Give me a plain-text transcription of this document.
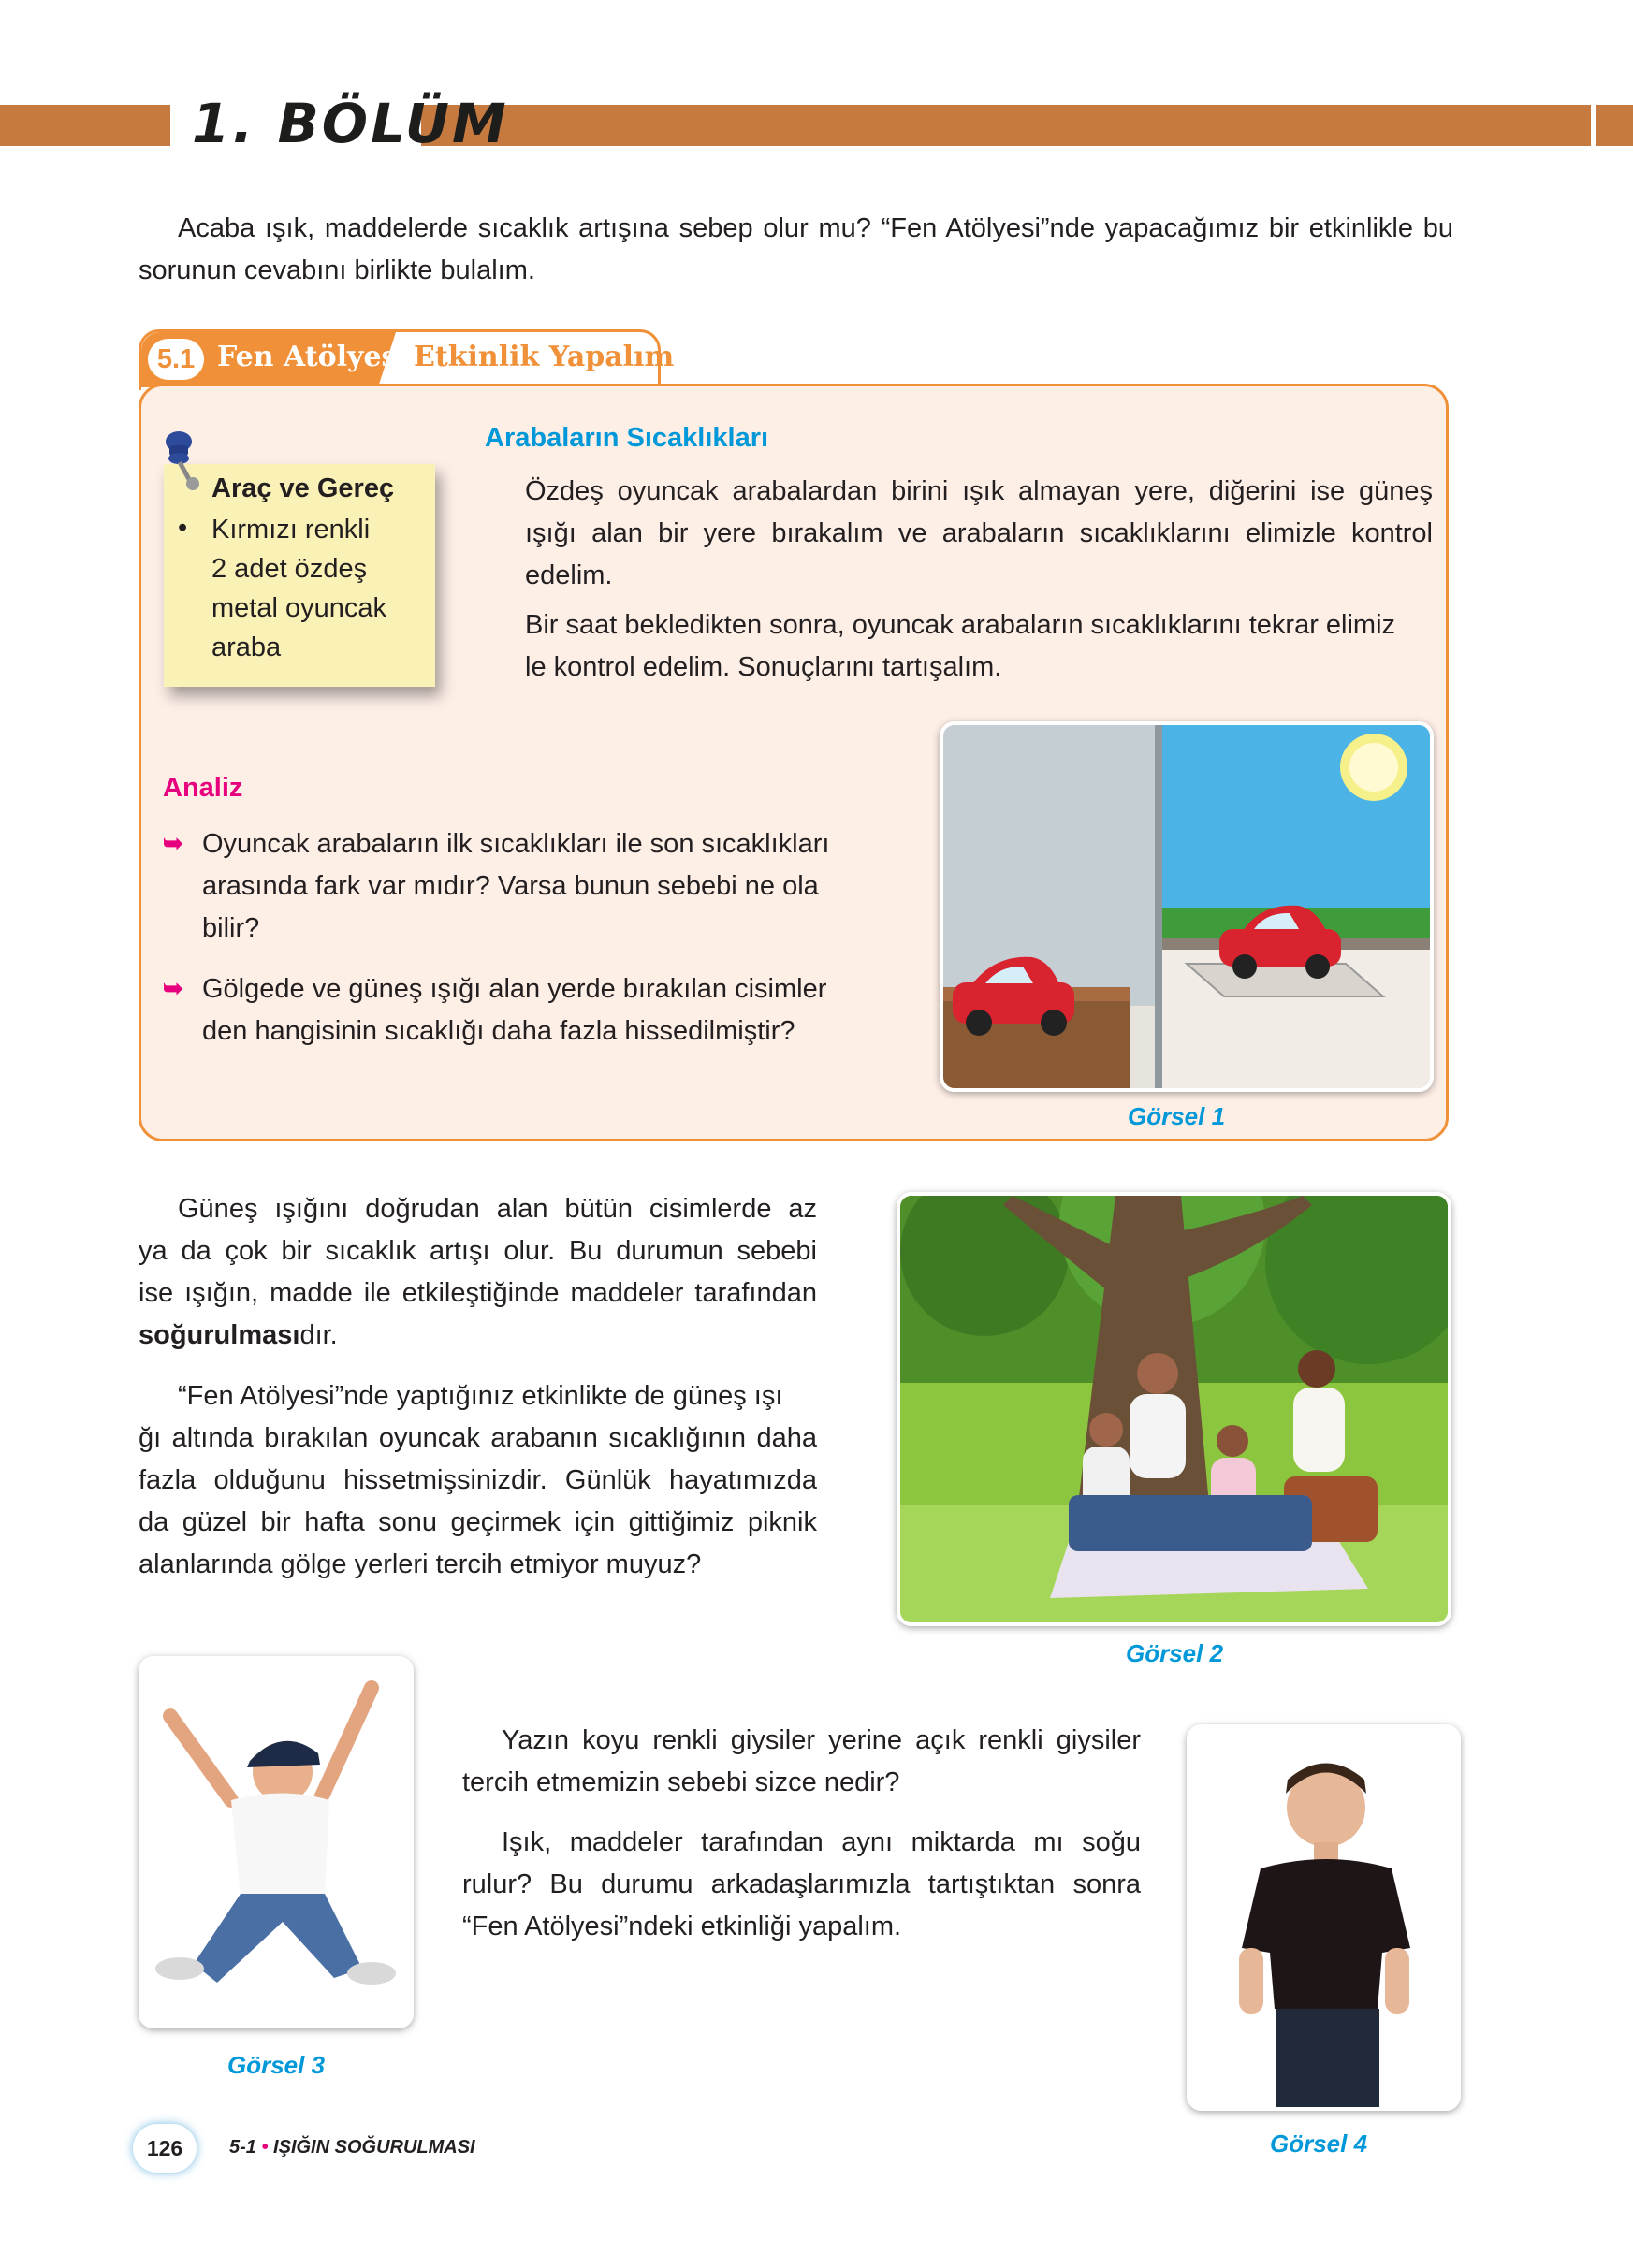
1. BÖLÜM

Acaba ışık, maddelerde sıcaklık artışına sebep olur mu? “Fen Atölyesi”nde yapacağımız bir etkinlikle bu sorunun cevabını birlikte bulalım.

5.1 Fen Atölyesi Etkinlik Yapalım
Araç ve Gereç
• Kırmızı renkli
2 adet özdeş
metal oyuncak
araba
Arabaların Sıcaklıkları
Özdeş oyuncak arabalardan birini ışık almayan yere, diğerini ise güneş
ışığı alan bir yere bırakalım ve arabaların sıcaklıklarını elimizle kontrol
edelim.
Bir saat bekledikten sonra, oyuncak arabaların sıcaklıklarını tekrar elimiz
le kontrol edelim. Sonuçlarını tartışalım.
Analiz
➥ Oyuncak arabaların ilk sıcaklıkları ile son sıcaklıkları
arasında fark var mıdır? Varsa bunun sebebi ne ola
bilir?
➥ Gölgede ve güneş ışığı alan yerde bırakılan cisimler
den hangisinin sıcaklığı daha fazla hissedilmiştir?
Görsel 1
Güneş ışığını doğrudan alan bütün cisimlerde az
ya da çok bir sıcaklık artışı olur. Bu durumun sebebi
ise ışığın, madde ile etkileştiğinde maddeler tarafından
soğurulmasıdır.
“Fen Atölyesi”nde yaptığınız etkinlikte de güneş ışı
ğı altında bırakılan oyuncak arabanın sıcaklığının daha
fazla olduğunu hissetmişsinizdir. Günlük hayatımızda
da güzel bir hafta sonu geçirmek için gittiğimiz piknik
alanlarında gölge yerleri tercih etmiyor muyuz?
Görsel 2
Görsel 3
Yazın koyu renkli giysiler yerine açık renkli giysiler
tercih etmemizin sebebi sizce nedir?
Işık, maddeler tarafından aynı miktarda mı soğu
rulur? Bu durumu arkadaşlarımızla tartıştıktan sonra
“Fen Atölyesi”ndeki etkinliği yapalım.
Görsel 4
126	5-1 • IŞIĞIN SOĞURULMASI
